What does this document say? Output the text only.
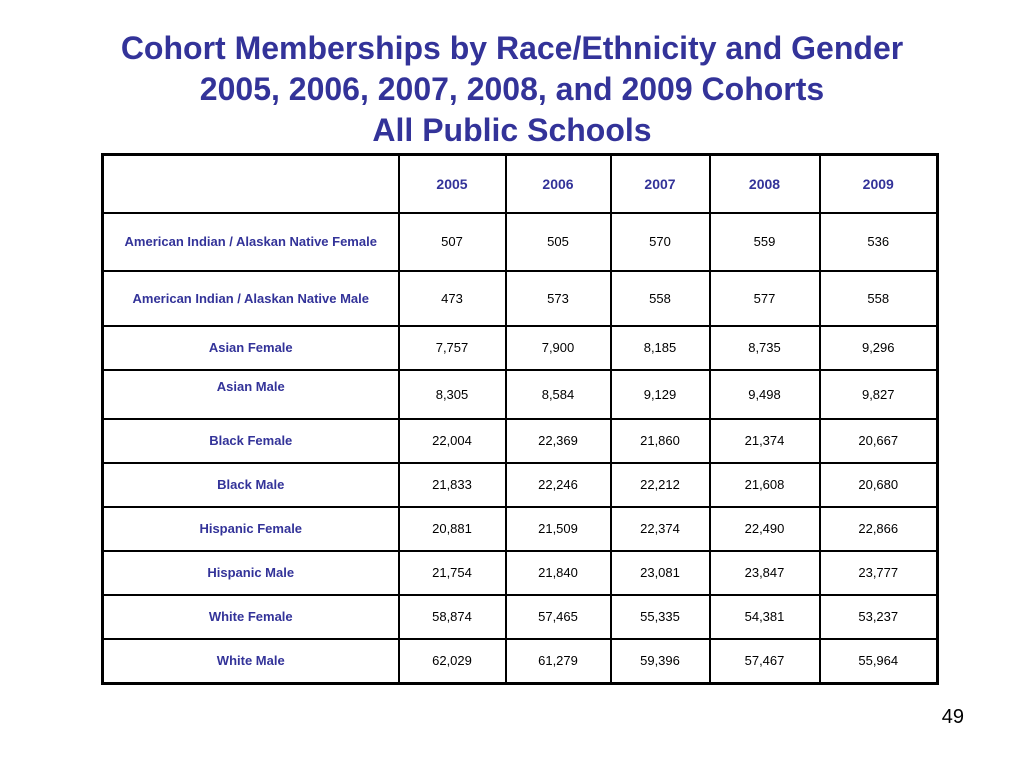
Cohort Memberships by Race/Ethnicity and Gender
2005, 2006, 2007, 2008, and 2009 Cohorts
All Public Schools
	2005	2006	2007	2008	2009
American Indian / Alaskan Native Female	507	505	570	559	536
American Indian / Alaskan Native Male	473	573	558	577	558
Asian Female	7,757	7,900	8,185	8,735	9,296
Asian Male	8,305	8,584	9,129	9,498	9,827
Black Female	22,004	22,369	21,860	21,374	20,667
Black Male	21,833	22,246	22,212	21,608	20,680
Hispanic Female	20,881	21,509	22,374	22,490	22,866
Hispanic Male	21,754	21,840	23,081	23,847	23,777
White Female	58,874	57,465	55,335	54,381	53,237
White Male	62,029	61,279	59,396	57,467	55,964
49
